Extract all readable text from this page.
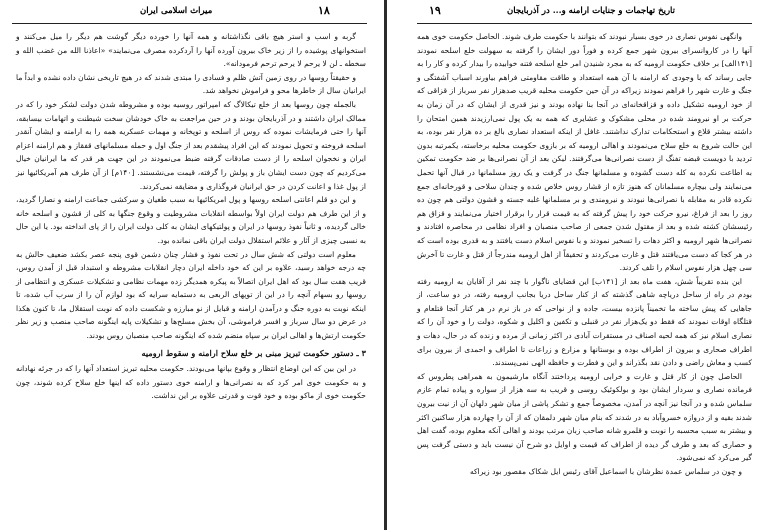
۱۸
میراث اسلامی ایران

گربه و اسب و استر هیچ باقی نگذاشتانه و همه آنها را خورده دیگر گوشت هم دیگر را میل می‌کنند و استخوانهای پوشیده را از زیر خاک بیرون آورده آنها را آردکرده مصرف می‌نمایند» «اعاذنا الله من غضب الله و سخطه ـ لن لا یرحم لا یرحم ترحم فرمودانه».

و حقیقتاً روسها در روی زمین آتش ظلم و فسادی را مبتدی شدند که در هیچ تاریخی نشان داده نشده و ابداً ما ایرانیان سال از خاطرها محو و فراموش نخواهد شد.

بالجمله چون روسها بعد از خلع تیکالاگ که امپراتور روسیه بوده و مشروطه شدن دولت لشکر خود را که در ممالک ایران داشتند و در آذربایجان بودند و در حین مراجعت به خاک خودشان سخت شیطنت و اتهامات بیسابقه، آنها را حتی فرمایشات نموده که روس از اسلحه و توپخانه و مهمات عسکریه همه را به ارامنه و ایشان آنقدر اسلحه فروخته و تحویل نمودند که این افراد پیشقدم بعد از جنگ اول و حمله مسلمانهای قفقاز و هم ارامنه اعزام ایران و نخجوان اسلحه را از دست صادقات گرفته ضبط می‌نمودند در این جهت هر قدر که ما ایرانیان خیال می‌کردیم که چون دست ایشان باز و پولش را گرفته، قیمت می‌نشستند. [۱۴۰م] از آن طرف هم آمریکائیها نیز از پول غذا و اعانت کردن در حق ایرانیان فروگذاری و مضایقه نمی‌کردند.

و این دو قلم اعانتی اسلحه روسها و پول امریکائیها به سبب طغیان و سرکشی جماعت ارامنه و نصارا گردید، و از این طرف هم دولت ایران اولاً بواسطه انقلابات مشروطیت و وقوع جنگها به کلی از قشون و اسلحه خانه خالی گردیده، و ثانیاً نفوذ روسها در ایران و پولتیکهای ایشان به کلی دولت ایران را از پای انداخته بود. یا این حال به نسبی چیزی از آثار و علائم استقلال دولت ایران باقی نمانده بود.

معلوم است دولتی که شش سال در تحت نفوذ و فشار چنان دشمن قوی پنجه عصر بکشد ضعیف حالش به چه درجه خواهد رسید، علاوه بر این که خود داخله ایران دچار انقلابات مشروطه و استبداد قبل از آمدن روس، قریب هفت سال بود که اهل ایران اتصالاً به پیکره همدیگر زده مهمات نظامی و تشکیلات عسکری و انتظامی از روسها رو بسهام آنچه را در این از توپهای الربعی به دستمایه سرایه که بود لوازم آن را از سرب آب شده، تا اینکه نوبت به دوره جنگ و درآمدن ارامنه و قبایل از نو مبارزه و شکست داده که نوبت استقلال ما، تا کنون هکذا در عرض دو سال سرباز و افسر فراموشی، آن بخش مسلح‌ها و تشکیلات پایه اینگونه صاحب منصب و زیر نظر حکومت ارتش‌ها و اهالی ایران بر سپاه منضم شده که اینگونه صاحب منصبان روس بودند.

۳ ـ دستور حکومت تبریز مبنی بر خلع سلاح ارامنه و سقوط ارومیه

در این بین که این اوضاع انتظار و وقوع بپانها می‌بودند. حکومت محلیه تبریز استعداد آنها را که در جرئه نهادانه و به حکومت خوی امر کرد که به نصرانی‌ها و ارامنه خوی دستور داده که اینها خلع سلاح کرده شوند، چون حکومت خوی از ماکو بوده و خود قوت و قدرتی علاوه بر این نداشت.

۱۹	تاریخ تهاجمات و جنایات ارامنه و... در آذربایجان

وانگهی نفوس نصاری در خوی بسیار نبودند که بتوانند با حکومت طرف شوند. الحاصل حکومت خوی همه آنها را در کاروانسرای بیرون شهر جمع کرده و فوراً دور ایشان را گرفته به سهولت خلع اسلحه نمودند [۱۴۱الف] بر خلاف حکومت ارومیه که به مجرد شنیدن امر خلع اسلحه فتنه خوابیده را بیدار کرده و کار را به جایی رساند که با وجودی که ارامنه با آن همه استعداد و طاقت مقاومتی فراهم بیاورند اسباب آشفتگی و جنگ و غارت شهر را فراهم نمودند زیراکه در آن حین حکومت محلیه قریب صدهزار نفر سرباز از قزاقی که از خود ارومیه تشکیل داده و قزاقخانه‌ای در آنجا بنا نهاده بودند و نیز قدری از ایشان که در آن زمان به حرکت بر او نیرومند شده در محلی مشکوک و عشایری که همه به یک پول نمی‌ارزیدند همین امتحان را داشته بیشتر قلاع و استحکامات تدارک نداشتند. غافل از اینکه استعداد نصاری بالغ بر ده هزار نفر بوده، به این حالت شروع به خلع سلاح می‌نمودند و اهالی ارومیه که بر بازوی حکومت محلیه برخاسته، یکمرتبه بدون تردید با دویست قبضه تفنگ از دست نصرانی‌ها می‌گرفتند. لیکن بعد از آن نصرانی‌ها بر ضد حکومت تمکین به اطاعت نکرده به کله دست گشوده و مسلمانها جنگ در گرفت و یک روز مسلمانها در قبال آنها تحمل می‌نمایند ولی بیچاره مسلمانان که هنوز تازه از قشار روس خلاص شده و چندان سلاحی و قورخانه‌ای جمع نکرده قادر به مقابله با نصرانی‌ها نبودند و نیرومندی و بر مسلمانها غلبه جسته و قشون دولتی هم چون ده روز را بعد از فراغ، نیرو حرکت خود را پیش گرفته که به قیمت قرار را برقرار اختیار می‌نمایند و قزاق هم رئیسشان کشته شده و بعد از مقتول شدن جمعی از صاحب منصبان و افراد نظامی در محاصره افتادند و نصرانی‌ها شهر ارومیه و اکثر دهات را تسخیر نمودند و با نفوس اسلام دست یافتند و به قدری بوده است که در هر کجا که دست می‌یافتند قتل و غارت می‌کردند و تحقیقاً از اهل ارومیه مندرجاً از قتل و غارت تا آخرش سی چهل هزار نفوس اسلام را تلف کردند.

این بنده تقریباً شش، هفت ماه بعد از [۱۴۱ب] این قضایای ناگوار با چند نفر از آقایان به ارومیه رفته بودم در راه از ساحل دریاچه شاهی گذشته که از کنار ساحل دریا بجانب ارومیه رفته، در دو ساعت، از جاهایی که پیش ساخته ما تخمیناً پانزده بیست، جاده و از نواحی که در باز نرم در هر کنار آنجا قتلعام و قتلگاه اوقات نمودند که فقط دو یک‌هزار نفر در قنبلی و تکفین و اکلیل و شکوه، دولت را و خود آن را که نصاری اسلام نیز که همه لحیه اصناف در مستقرات آبادی در اکثر زمانی از مرده و زنده که در حال، دهات و اطراف صحاری و بیرون از اطراف بوده و بوستانها و مزارع و زراعات تا اطراف و احمدی از بیرون برای کسب و معاش راضی و دادن نقد بگذراند و این و فطرت و حافظه الهی نمی‌پسندند.

الحاصل چون از کار قتل و غارت و خرابی ارومیه پرداختند آنگاه مارشیمون به همراهی پطروس که فرمانده نصاری و سردار ایشان بود و بولکوئیک روسی و قریب به سه هزار از سواره و پیاده تمام عازم سلماس شده و در آنجا نیز آنچه در آمدن، مخصوصاً جمع و تشکر پاشی از میان شهر دلهان آن از نیت بیرون شدند بقیه و از دروازه خسروآباد به در شدند که بنام میان شهر دلمقان که از آن را چهارده هزار ساکنین اکثر و بیشتر به سبب محسبه را نوبت و قلمرو شانه صاحب زبان مرتب بودند و اهالی آنکه معلوم بوده، گفت اهل و حصاری که بعد و طرف گر دیده از اطراف که قیمت و اوایل دو شرح آن نیست باید و دستی گرفت پس گیر می‌کرد که نمی‌شود.

و چون در سلماس عمدة نظرشان با اسماعیل آقای رئیس ایل شکاک مقصور بود زیراکه
